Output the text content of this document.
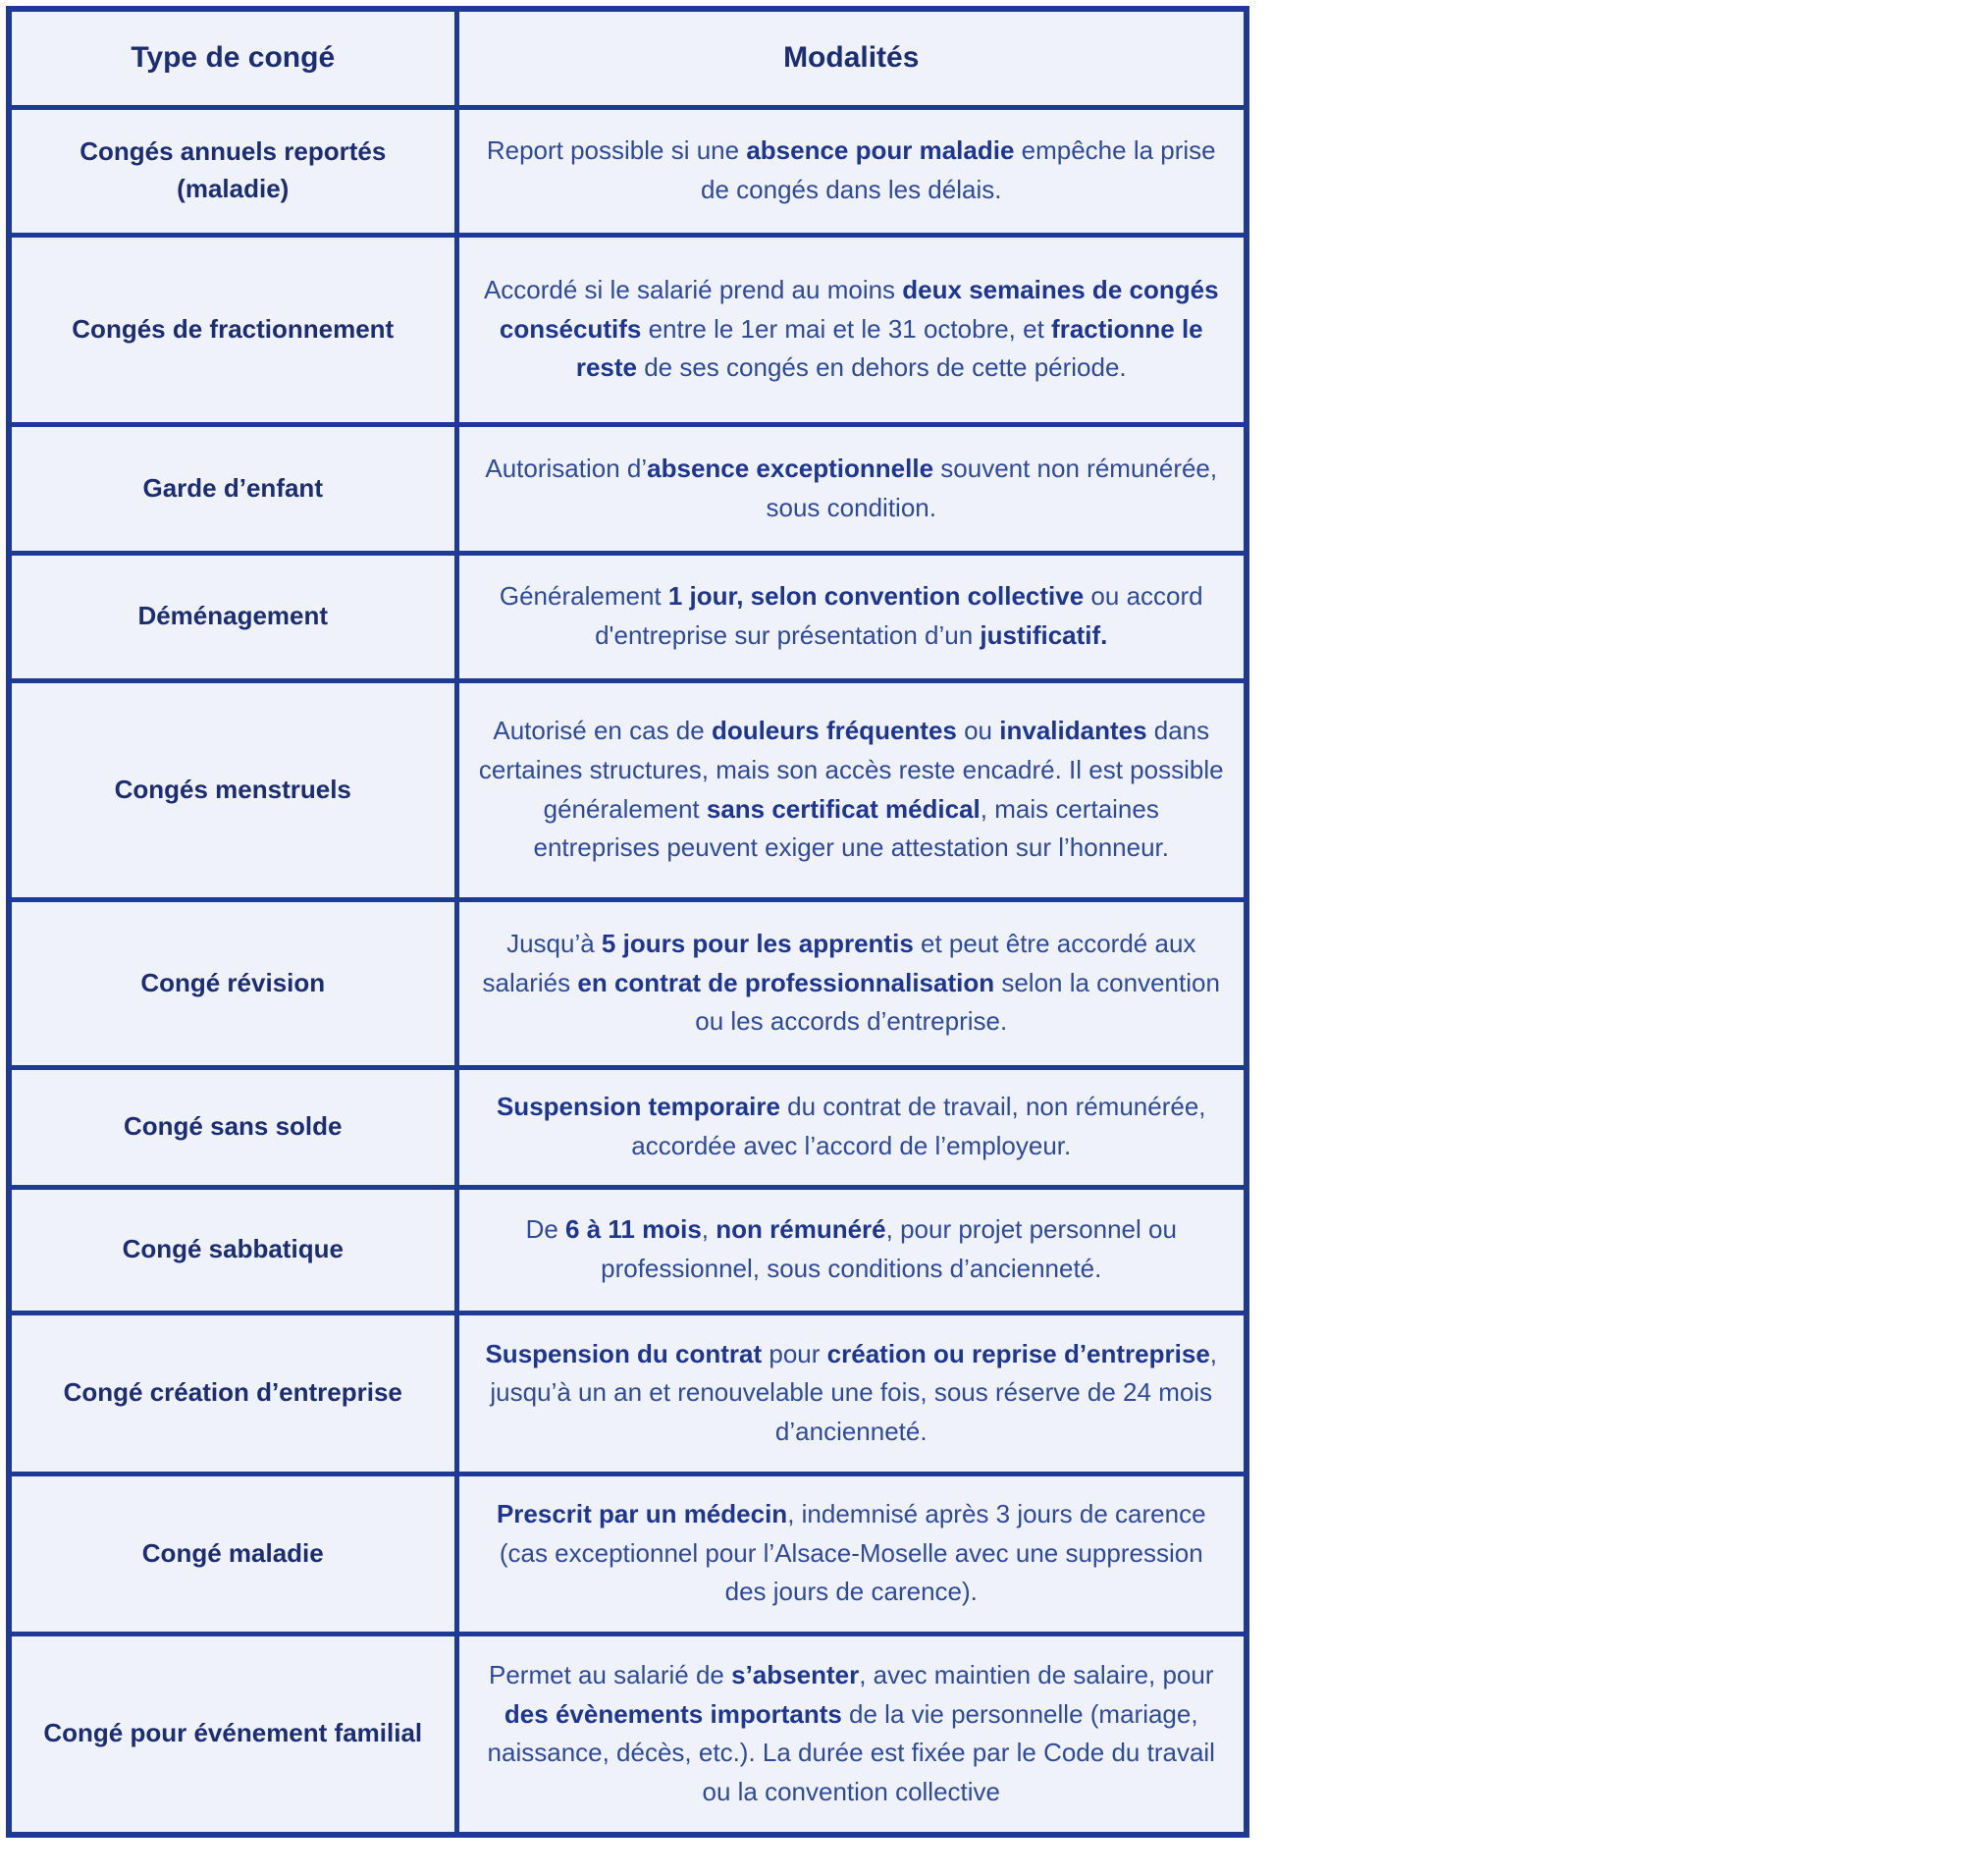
Type de congé	Modalités
Congés annuels reportés (maladie)	Report possible si une absence pour maladie empêche la prise de congés dans les délais.
Congés de fractionnement	Accordé si le salarié prend au moins deux semaines de congés consécutifs entre le 1er mai et le 31 octobre, et fractionne le reste de ses congés en dehors de cette période.
Garde d’enfant	Autorisation d’absence exceptionnelle souvent non rémunérée, sous condition.
Déménagement	Généralement 1 jour, selon convention collective ou accord d'entreprise sur présentation d’un justificatif.
Congés menstruels	Autorisé en cas de douleurs fréquentes ou invalidantes dans certaines structures, mais son accès reste encadré. Il est possible généralement sans certificat médical, mais certaines entreprises peuvent exiger une attestation sur l’honneur.
Congé révision	Jusqu’à 5 jours pour les apprentis et peut être accordé aux salariés en contrat de professionnalisation selon la convention ou les accords d’entreprise.
Congé sans solde	Suspension temporaire du contrat de travail, non rémunérée, accordée avec l’accord de l’employeur.
Congé sabbatique	De 6 à 11 mois, non rémunéré, pour projet personnel ou professionnel, sous conditions d’ancienneté.
Congé création d’entreprise	Suspension du contrat pour création ou reprise d’entreprise, jusqu’à un an et renouvelable une fois, sous réserve de 24 mois d’ancienneté.
Congé maladie	Prescrit par un médecin, indemnisé après 3 jours de carence (cas exceptionnel pour l’Alsace-Moselle avec une suppression des jours de carence).
Congé pour événement familial	Permet au salarié de s’absenter, avec maintien de salaire, pour des évènements importants de la vie personnelle (mariage, naissance, décès, etc.). La durée est fixée par le Code du travail ou la convention collective
